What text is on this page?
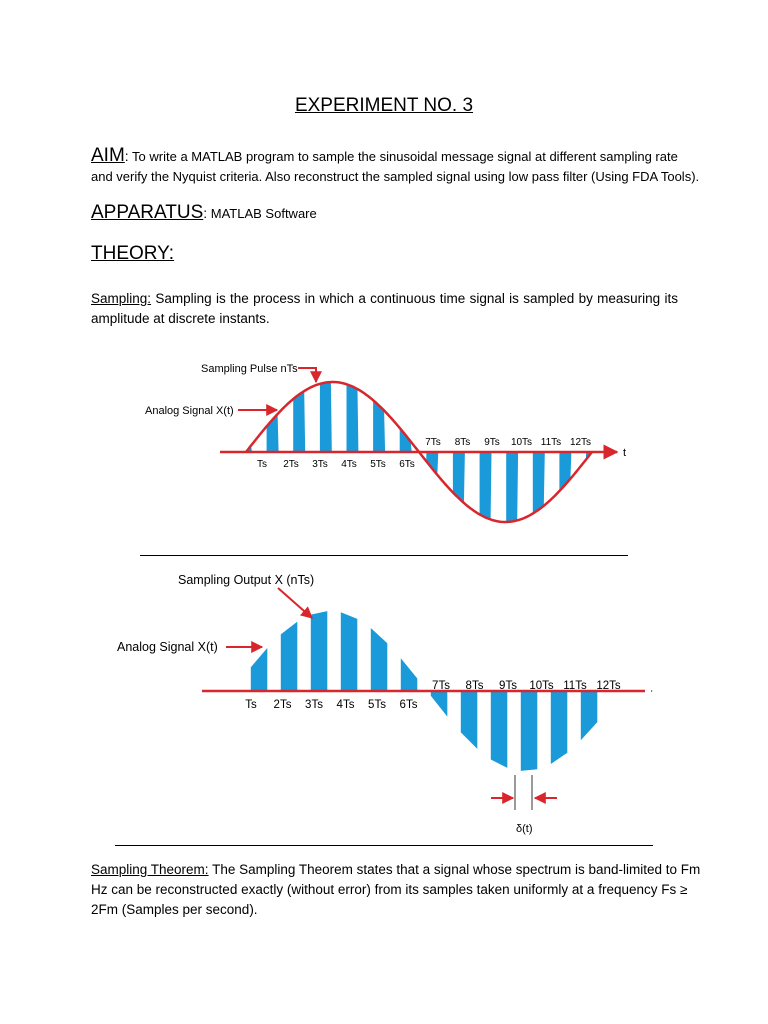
EXPERIMENT NO. 3
AIM: To write a MATLAB program to sample the sinusoidal message signal at different sampling rate
and verify the Nyquist criteria. Also reconstruct the sampled signal using low pass filter (Using FDA Tools).
APPARATUS: MATLAB Software
THEORY:
Sampling: Sampling is the process in which a continuous time signal is sampled by measuring its
amplitude at discrete instants.
t
Sampling Pulse nTs
Analog Signal X(t)
Ts 2Ts 3Ts 4Ts 5Ts 6Ts
7Ts 8Ts 9Ts 10Ts 11Ts 12Ts
ᐧ
Sampling Output X (nTs)
Analog Signal X(t)
Ts 2Ts 3Ts 4Ts 5Ts 6Ts
7Ts 8Ts 9Ts 10Ts 11Ts 12Ts
δ(t)
Sampling Theorem: The Sampling Theorem states that a signal whose spectrum is band-limited to Fm
Hz can be reconstructed exactly (without error) from its samples taken uniformly at a frequency Fs ≥
2Fm (Samples per second).
